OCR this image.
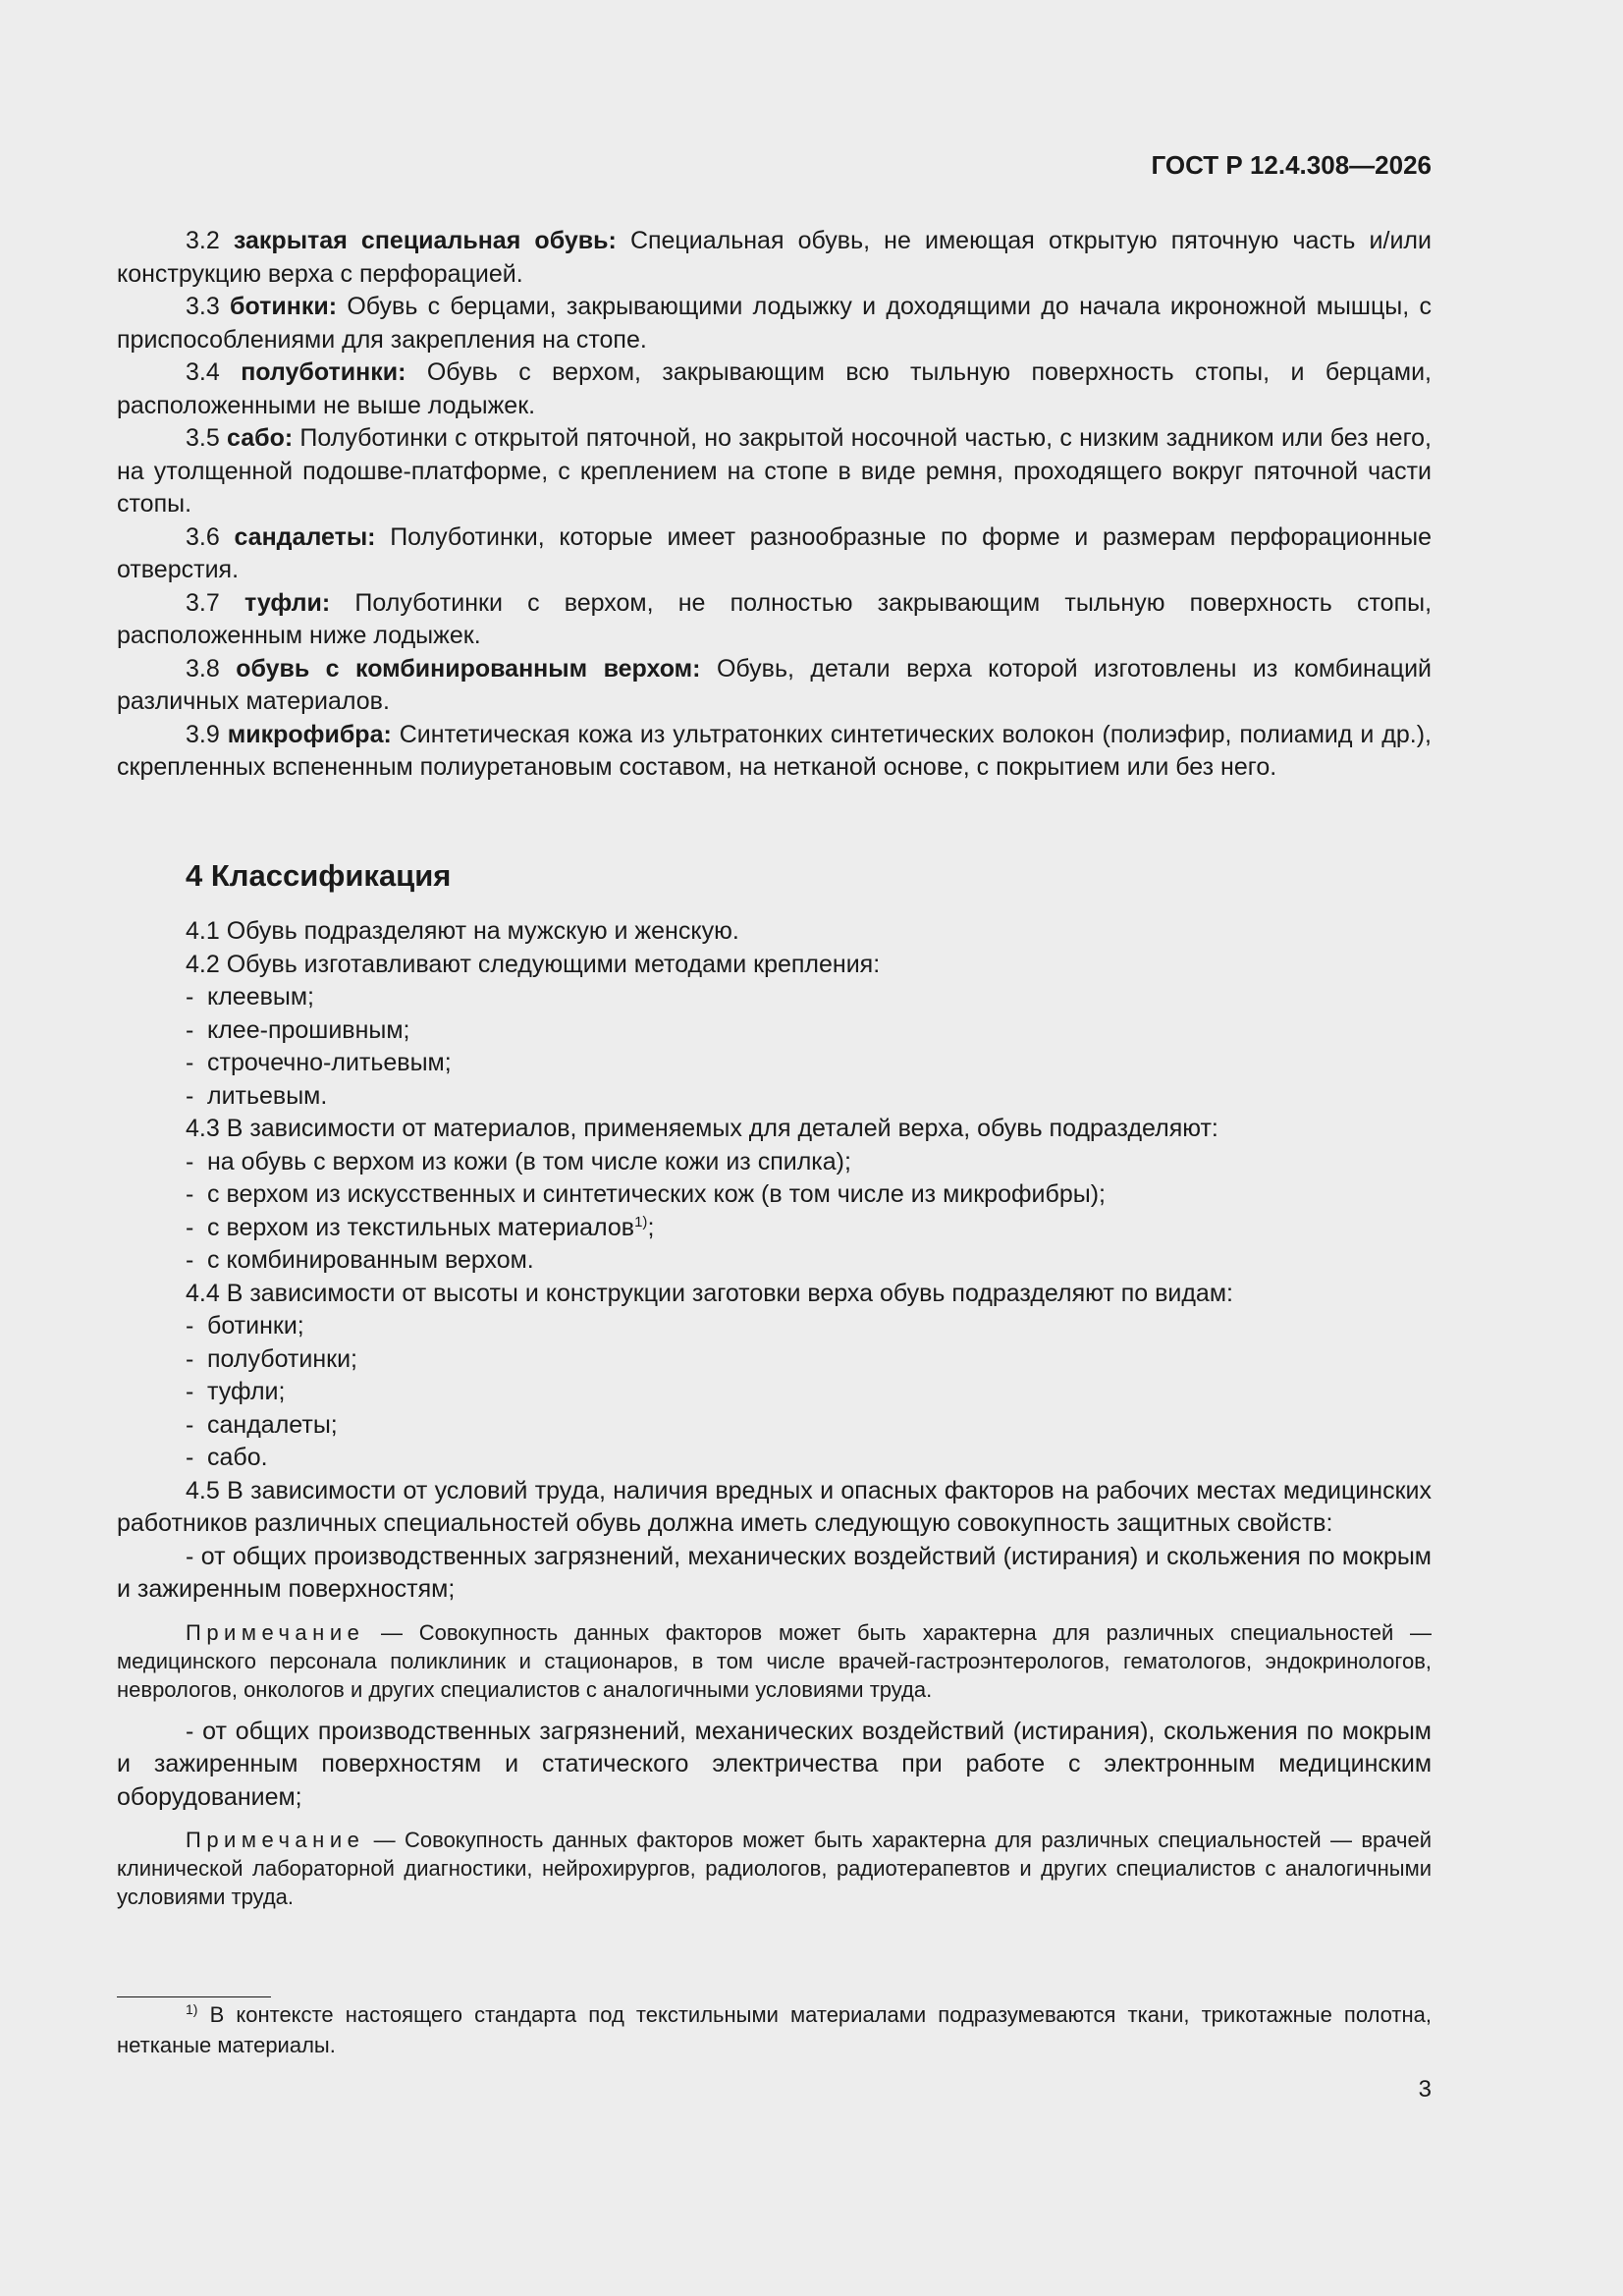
ГОСТ Р 12.4.308—2026
3.2 закрытая специальная обувь: Специальная обувь, не имеющая открытую пяточную часть и/или конструкцию верха с перфорацией.
3.3 ботинки: Обувь с берцами, закрывающими лодыжку и доходящими до начала икроножной мышцы, с приспособлениями для закрепления на стопе.
3.4 полуботинки: Обувь с верхом, закрывающим всю тыльную поверхность стопы, и берцами, расположенными не выше лодыжек.
3.5 сабо: Полуботинки с открытой пяточной, но закрытой носочной частью, с низким задником или без него, на утолщенной подошве-платформе, с креплением на стопе в виде ремня, проходящего вокруг пяточной части стопы.
3.6 сандалеты: Полуботинки, которые имеет разнообразные по форме и размерам перфорационные отверстия.
3.7 туфли: Полуботинки с верхом, не полностью закрывающим тыльную поверхность стопы, расположенным ниже лодыжек.
3.8 обувь с комбинированным верхом: Обувь, детали верха которой изготовлены из комбинаций различных материалов.
3.9 микрофибра: Синтетическая кожа из ультратонких синтетических волокон (полиэфир, полиамид и др.), скрепленных вспененным полиуретановым составом, на нетканой основе, с покрытием или без него.
4 Классификация
4.1 Обувь подразделяют на мужскую и женскую.
4.2 Обувь изготавливают следующими методами крепления:
- клеевым;
- клее-прошивным;
- строчечно-литьевым;
- литьевым.
4.3 В зависимости от материалов, применяемых для деталей верха, обувь подразделяют:
- на обувь с верхом из кожи (в том числе кожи из спилка);
- с верхом из искусственных и синтетических кож (в том числе из микрофибры);
- с верхом из текстильных материалов$^{1)}$;
- с комбинированным верхом.
4.4 В зависимости от высоты и конструкции заготовки верха обувь подразделяют по видам:
- ботинки;
- полуботинки;
- туфли;
- сандалеты;
- сабо.
4.5 В зависимости от условий труда, наличия вредных и опасных факторов на рабочих местах медицинских работников различных специальностей обувь должна иметь следующую совокупность защитных свойств:
- от общих производственных загрязнений, механических воздействий (истирания) и скольжения по мокрым и зажиренным поверхностям;
Примечание — Совокупность данных факторов может быть характерна для различных специальностей — медицинского персонала поликлиник и стационаров, в том числе врачей-гастроэнтерологов, гематологов, эндокринологов, неврологов, онкологов и других специалистов с аналогичными условиями труда.
- от общих производственных загрязнений, механических воздействий (истирания), скольжения по мокрым и зажиренным поверхностям и статического электричества при работе с электронным медицинским оборудованием;
Примечание — Совокупность данных факторов может быть характерна для различных специальностей — врачей клинической лабораторной диагностики, нейрохирургов, радиологов, радиотерапевтов и других специалистов с аналогичными условиями труда.
$^{1)}$ В контексте настоящего стандарта под текстильными материалами подразумеваются ткани, трикотажные полотна, нетканые материалы.
3
